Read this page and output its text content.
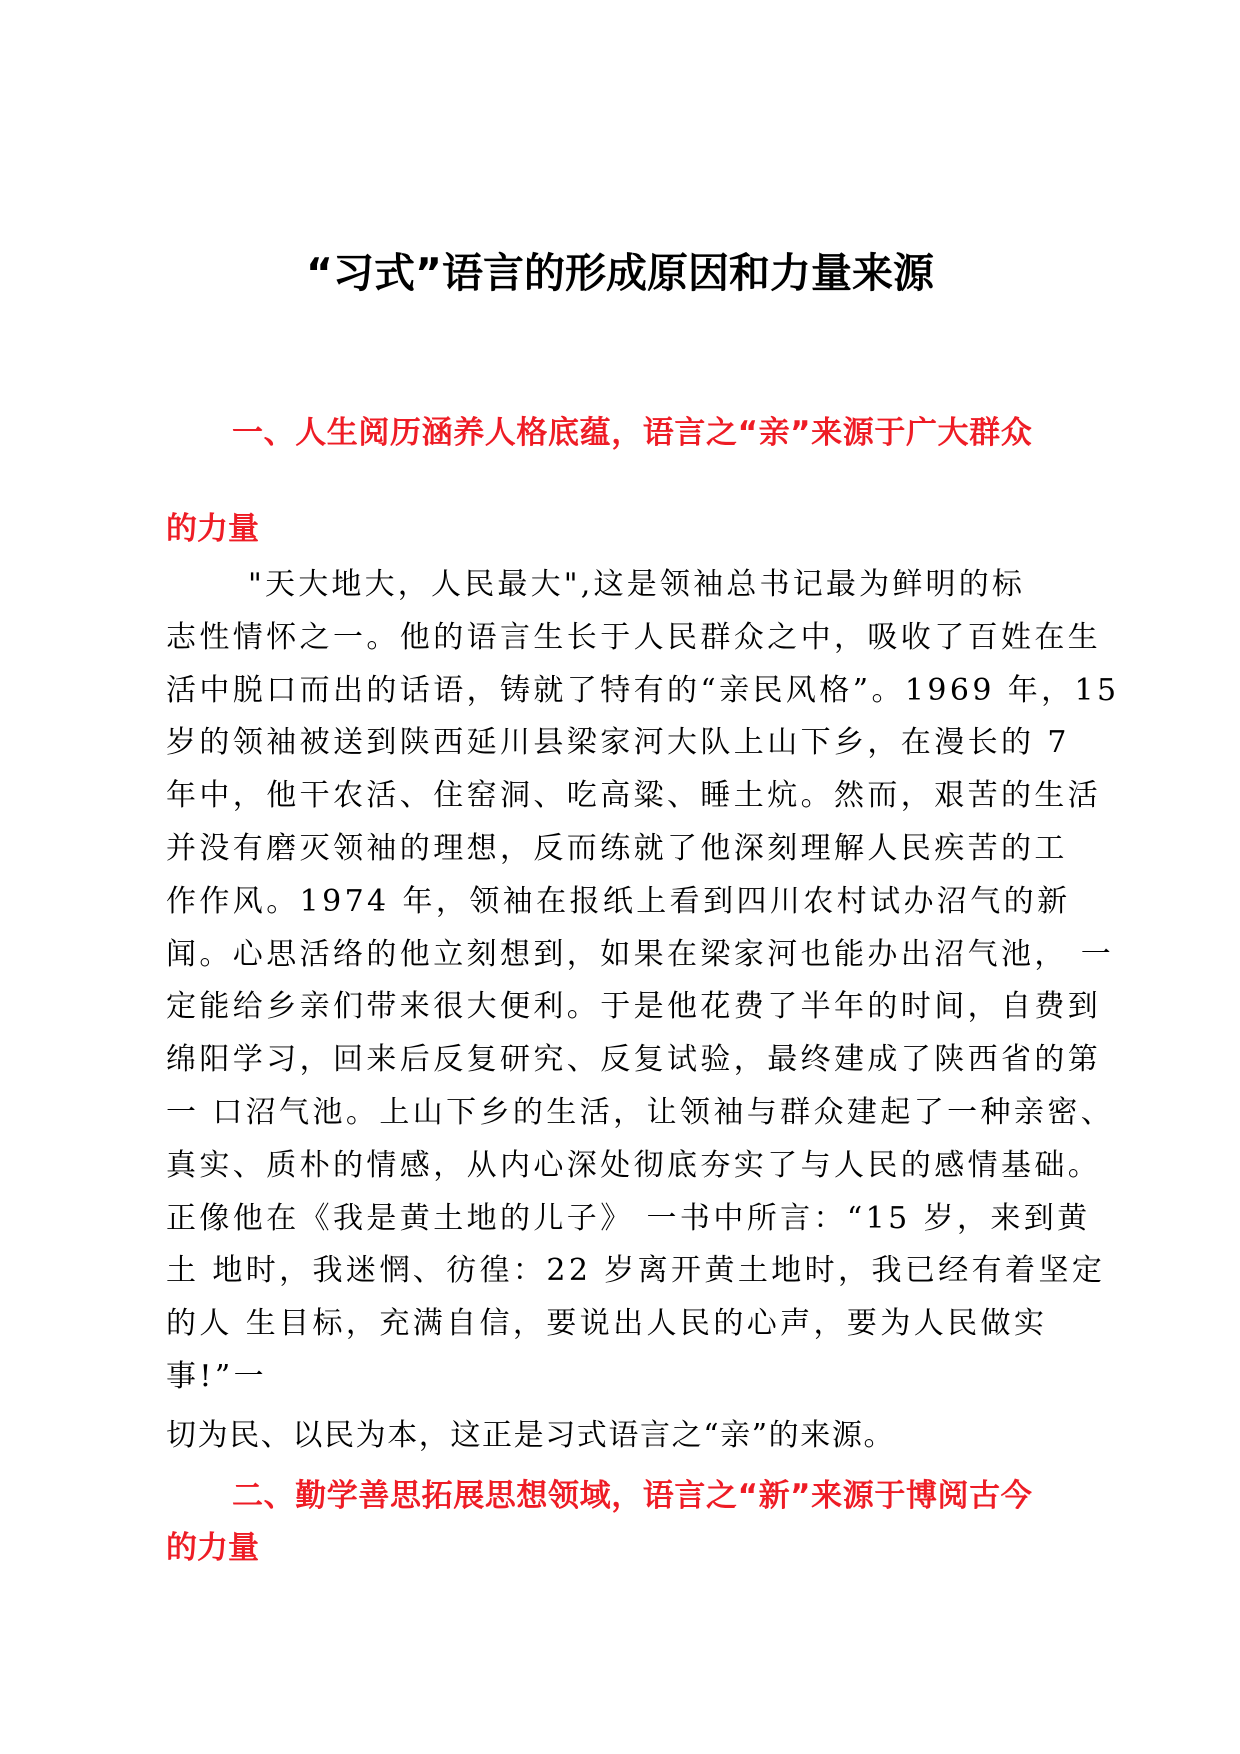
“习式”语言的形成原因和力量来源
一、人生阅历涵养人格底蕴，语言之“亲”来源于广大群众
的力量
"天大地大，人民最大",这是领袖总书记最为鲜明的标
志性情怀之一。他的语言生长于人民群众之中，吸收了百姓在生
活中脱口而出的话语，铸就了特有的“亲民风格”。1969 年，15
岁的领袖被送到陕西延川县梁家河大队上山下乡，在漫长的 7
年中，他干农活、住窑洞、吃高粱、睡土炕。然而，艰苦的生活
并没有磨灭领袖的理想，反而练就了他深刻理解人民疾苦的工
作作风。1974 年，领袖在报纸上看到四川农村试办沼气的新
闻。心思活络的他立刻想到，如果在梁家河也能办出沼气池， 一
定能给乡亲们带来很大便利。于是他花费了半年的时间，自费到
绵阳学习，回来后反复研究、反复试验，最终建成了陕西省的第
一 口沼气池。上山下乡的生活，让领袖与群众建起了一种亲密、
真实、质朴的情感，从内心深处彻底夯实了与人民的感情基础。
正像他在《我是黄土地的儿子》 一书中所言：“15 岁，来到黄
土 地时，我迷惘、彷徨：22 岁离开黄土地时，我已经有着坚定
的人 生目标，充满自信，要说出人民的心声，要为人民做实
事!”一

切为民、以民为本，这正是习式语言之“亲”的来源。

二、勤学善思拓展思想领域，语言之“新”来源于博阅古今
的力量
